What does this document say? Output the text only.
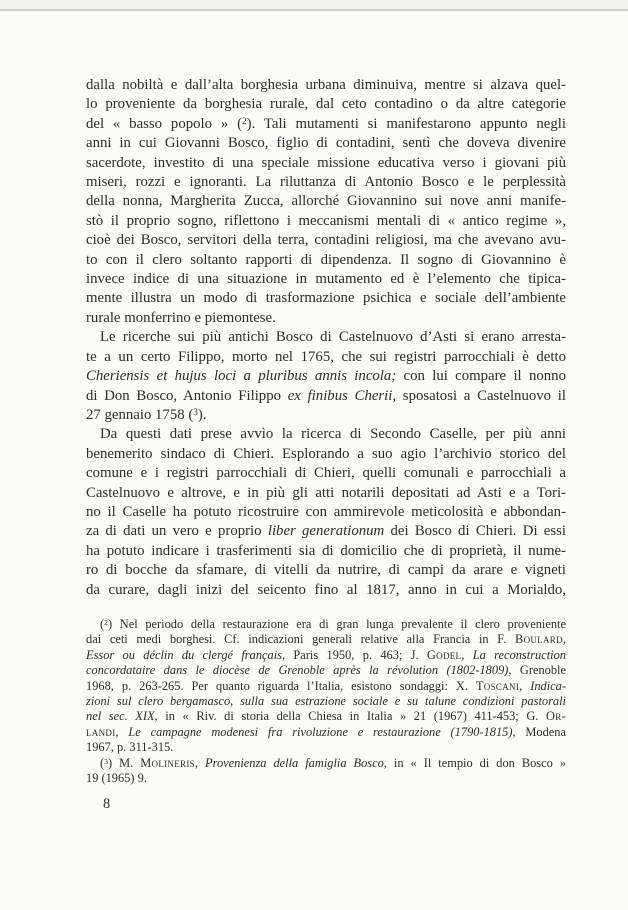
dalla nobiltà e dall’alta borghesia urbana diminuiva, mentre si alzava quel-
lo proveniente da borghesia rurale, dal ceto contadino o da altre categorie
del « basso popolo » ($^2$). Tali mutamenti si manifestarono appunto negli
anni in cui Giovanni Bosco, figlio di contadini, sentì che doveva divenire
sacerdote, investito di una speciale missione educativa verso i giovani più
miseri, rozzi e ignoranti. La riluttanza di Antonio Bosco e le perplessità
della nonna, Margherita Zucca, allorché Giovannino sui nove anni manife-
stò il proprio sogno, riflettono i meccanismi mentali di « antico regime »,
cioè dei Bosco, servitori della terra, contadini religiosi, ma che avevano avu-
to con il clero soltanto rapporti di dipendenza. Il sogno di Giovannino è
invece indice di una situazione in mutamento ed è l’elemento che tipica-
mente illustra un modo di trasformazione psichica e sociale dell’ambiente
rurale monferrino e piemontese.
Le ricerche sui più antichi Bosco di Castelnuovo d’Asti si erano arresta-
te a un certo Filippo, morto nel 1765, che sui registri parrocchiali è detto
Cheriensis et hujus loci a pluribus annis incola; con lui compare il nonno
di Don Bosco, Antonio Filippo ex finibus Cherii, sposatosi a Castelnuovo il
27 gennaio 1758 ($^3$).
Da questi dati prese avvìo la ricerca di Secondo Caselle, per più anni
benemerito sindaco di Chieri. Esplorando a suo agio l’archivio storico del
comune e i registri parrocchiali di Chieri, quelli comunali e parrocchiali a
Castelnuovo e altrove, e in più gli atti notarili depositati ad Asti e a Tori-
no il Caselle ha potuto ricostruire con ammirevole meticolosità e abbondan-
za di dati un vero e proprio liber generationum dei Bosco di Chieri. Di essi
ha potuto indicare i trasferimenti sia di domicilio che di proprietà, il nume-
ro di bocche da sfamare, di vitelli da nutrire, di campi da arare e vigneti
da curare, dagli inizi del seicento fino al 1817, anno in cui a Morialdo,
($^2$) Nel periodo della restaurazione era di gran lunga prevalente il clero proveniente
dai ceti medi borghesi. Cf. indicazioni generali relative alla Francia in F. Boulard,
Essor ou déclin du clergé français, Paris 1950, p. 463; J. Godel, La reconstruction
concordataire dans le diocèse de Grenoble après la révolution (1802-1809), Grenoble
1968, p. 263-265. Per quanto riguarda l’Italia, esistono sondaggi: X. Toscani, Indica-
zioni sul clero bergamasco, sulla sua estrazione sociale e su talune condizioni pastorali
nel sec. XIX, in « Riv. di storia della Chiesa in Italia » 21 (1967) 411-453; G. Or-
landi, Le campagne modenesi fra rivoluzione e restaurazione (1790-1815), Modena
1967, p. 311-315.
($^3$) M. Molineris, Provenienza della famiglia Bosco, in « Il tempio di don Bosco »
19 (1965) 9.
8
